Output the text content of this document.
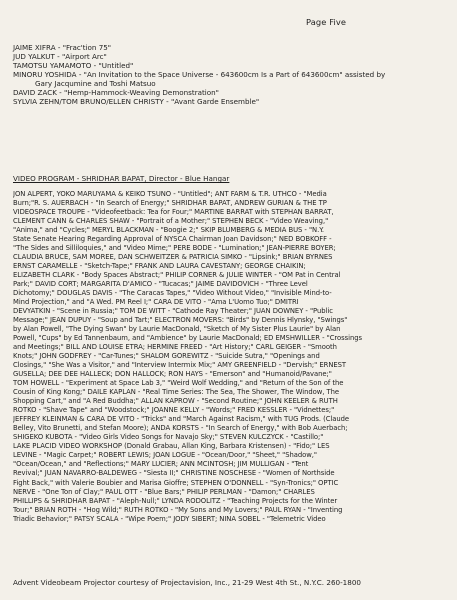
Page Five
JAIME XIFRA - "Frac'tion 75"
JUD YALKUT - "Airport Arc"
TAMOTSU YAMAMOTO - "Untitled"
MINORU YOSHIDA - "An Invitation to the Space Universe - 643600cm Is a Part of 643600cm" assisted by
Gary Jacqumine and Toshi Matsuo
DAVID ZACK - "Hemp-Hammock-Weaving Demonstration"
SYLVIA ZEHN/TOM BRUNO/ELLEN CHRISTY - "Avant Garde Ensemble"
VIDEO PROGRAM - SHRIDHAR BAPAT, Director - Blue Hangar
JON ALPERT, YOKO MARUYAMA & KEIKO TSUNO - "Untitled"; ANT FARM & T.R. UTHCO - "Media
Burn;"R. S. AUERBACH - "In Search of Energy;" SHRIDHAR BAPAT, ANDREW GURIAN & THE TP
VIDEOSPACE TROUPE - "Videofeetback: Tea for Four;" MARTINE BARRAT with STEPHAN BARRAT,
CLEMENT CANN & CHARLES SHAW - "Portrait of a Mother;" STEPHEN BECK - "Video Weaving,"
"Anima," and "Cycles;" MERYL BLACKMAN - "Boogie 2;" SKIP BLUMBERG & MEDIA BUS - "N.Y.
State Senate Hearing Regarding Approval of NYSCA Chairman Joan Davidson;" NED BOBKOFF -
"The Sides and Silliloquies," and "Video Mime;" PERE BODE - "Lumination;" JEAN-PIERRE BOYER;
CLAUDIA BRUCE, SAM MOREE, DAN SCHWEITZER & PATRICIA SIMKO - "Lipsink;" BRIAN BYRNES
ERNST CARAMELLE - "Sketch-Tape;" FRANK AND LAURA CAVESTANY; GEORGE CHAIKIN;
ELIZABETH CLARK - "Body Spaces Abstract;" PHILIP CORNER & JULIE WINTER - "OM Pat in Central
Park;" DAVID CORT; MARGARITA D'AMICO - "Tucacas;" JAIME DAVIDOVICH - "Three Level
Dichotomy;" DOUGLAS DAVIS - "The Caracas Tapes," "Video Without Video," "Invisible Mind-to-
Mind Projection," and "A Wed. PM Reel I;" CARA DE VITO - "Ama L'Uomo Tuo;" DMITRI
DEVYATKIN - "Scene in Russia;" TOM DE WITT - "Cathode Ray Theater;" JUAN DOWNEY - "Public
Message;" JEAN DUPUY - "Soup and Tart;" ELECTRON MOVERS: "Birds" by Dennis Hlynsky, "Swings"
by Alan Powell, "The Dying Swan" by Laurie MacDonald, "Sketch of My Sister Plus Laurie" by Alan
Powell, "Cups" by Ed Tannenbaum, and "Ambience" by Laurie MacDonald; ED EMSHWILLER - "Crossings
and Meetings;" BILL AND LOUISE ETRA; HERMINE FREED - "Art History;" CARL GEIGER - "Smooth
Knots;" JOHN GODFREY - "Car-Tunes;" SHALOM GOREWITZ - "Suicide Sutra," "Openings and
Closings," "She Was a Visitor," and "Interview Intermix Mix;" AMY GREENFIELD - "Dervish;" ERNEST
GUSELLA; DEE DEE HALLECK; DON HALLOCK; RON HAYS - "Emerson" and "Humanoid/Pavane;"
TOM HOWELL - "Experiment at Space Lab 3," "Weird Wolf Wedding," and "Return of the Son of the
Cousin of King Kong;" DAILE KAPLAN - "Real Time Series: The Sea, The Shower, The Window, The
Shopping Cart," and "A Red Buddha;" ALLAN KAPROW - "Second Routine;" JOHN KEELER & RUTH
ROTKO - "Shave Tape" and "Woodstock;" JOANNE KELLY - "Words;" FRED KESSLER - "Vidnettes;"
JEFFREY KLEINMAN & CARA DE VITO - "Tricks" and "March Against Racism," with TUG Prods. (Claude
Belley, Vito Brunetti, and Stefan Moore); ANDA KORSTS - "In Search of Energy," with Bob Auerbach;
SHIGEKO KUBOTA - "Video Girls Video Songs for Navajo Sky;" STEVEN KULCZYCK - "Castillo;"
LAKE PLACID VIDEO WORKSHOP (Donald Grabau, Allan King, Barbara Kristensen) - "Fido;" LES
LEVINE - "Magic Carpet;" ROBERT LEWIS; JOAN LOGUE - "Ocean/Door," "Sheet," "Shadow,"
"Ocean/Ocean," and "Reflections;" MARY LUCIER; ANN MCINTOSH; JIM MULLIGAN - "Tent
Revival;" JUAN NAVARRO-BALDEWEG - "Siesta II;" CHRISTINE NOSCHESE - "Women of Northside
Fight Back," with Valerie Boubier and Marisa Gioffre; STEPHEN O'DONNELL - "Syn-Tronics;" OPTIC
NERVE - "One Ton of Clay;" PAUL OTT - "Blue Bars;" PHILIP PERLMAN - "Damon;" CHARLES
PHILLIPS & SHRIDHAR BAPAT - "Aleph-Null;" LYNDA RODOLITZ - "Teaching Projects for the Winter
Tour;" BRIAN ROTH - "Hog Wild;" RUTH ROTKO - "My Sons and My Lovers;" PAUL RYAN - "Inventing
Triadic Behavior;" PATSY SCALA - "Wipe Poem;" JODY SIBERT; NINA SOBEL - "Telemetric Video
Advent Videobeam Projector courtesy of Projectavision, Inc., 21-29 West 4th St., N.Y.C. 260-1800
